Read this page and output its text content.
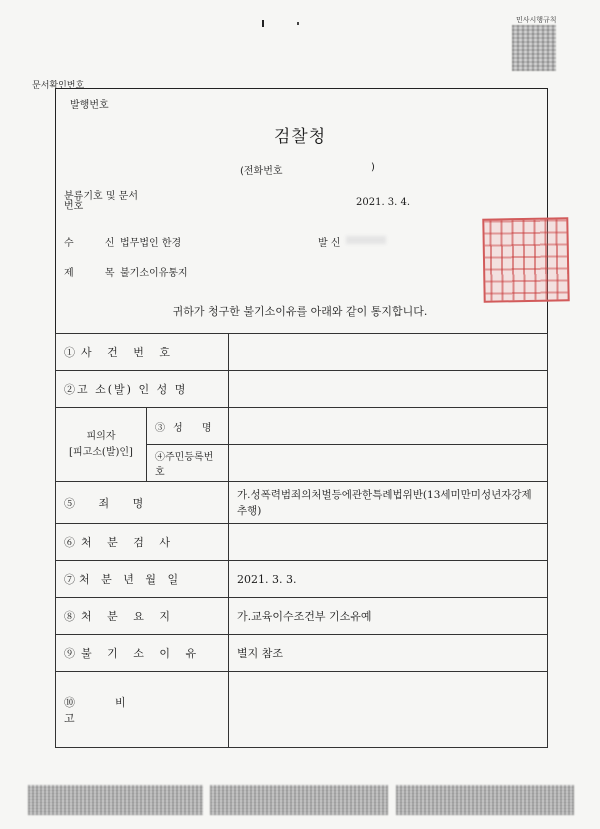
민사시행규칙
문서확인번호
발행번호
검찰청
(전화번호	)
분류기호 및 문서번호	2021. 3. 4.
수 신
법무법인 한경	발 신
제 목
불기소이유통지
귀하가 청구한 불기소이유를 아래와 같이 통지합니다.
①사 건 번 호		

②고 소(발) 인 성 명		

피의자
[피고소(발)인]	③성 명	
	④주민등록번호	
⑤ 죄 명		가.성폭력범죄의처벌등에관한특례법위반(13세미만미성년자강제추행)

⑥처 분 검 사		

⑦처 분 년 월 일		2021. 3. 3.

⑧처 분 요 지		가.교육이수조건부 기소유예

⑨불 기 소 이 유		별지 참조
⑩비 고		
